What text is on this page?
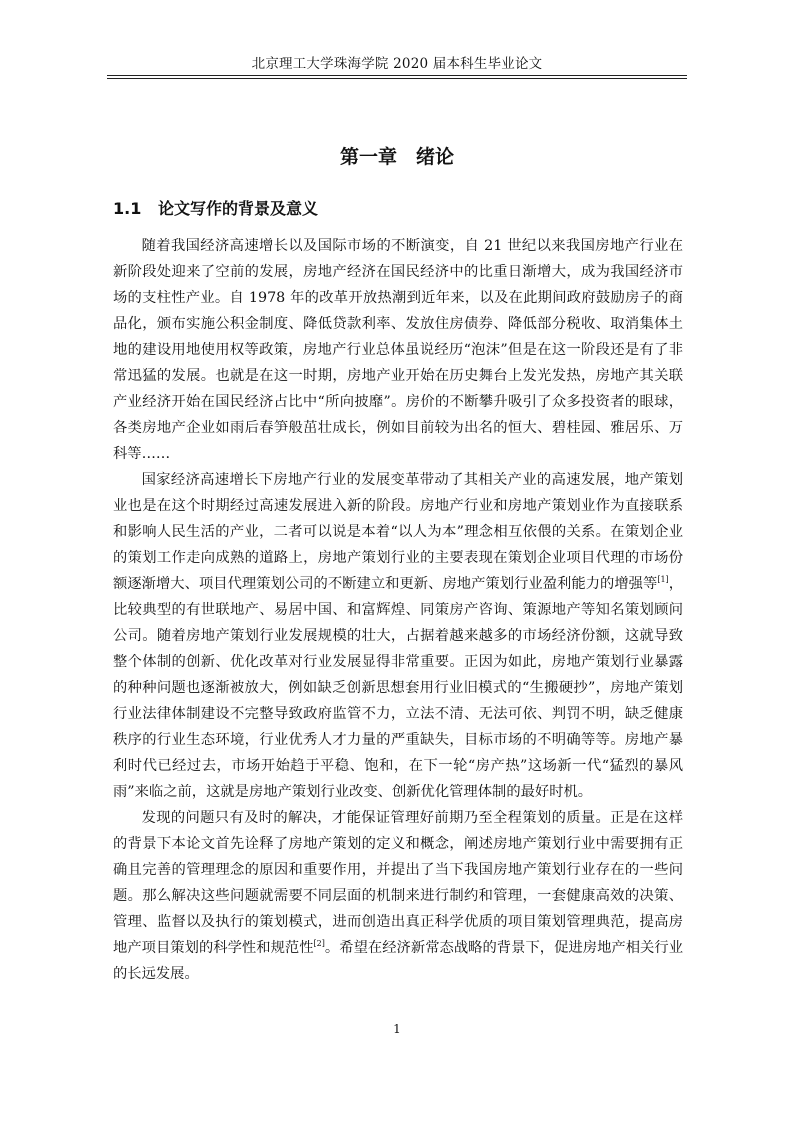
北京理工大学珠海学院 2020 届本科生毕业论文
第一章　绪论
1.1 论文写作的背景及意义

随着我国经济高速增长以及国际市场的不断演变，自 21 世纪以来我国房地产行业在新阶段处迎来了空前的发展，房地产经济在国民经济中的比重日渐增大，成为我国经济市场的支柱性产业。自 1978 年的改革开放热潮到近年来，以及在此期间政府鼓励房子的商品化，颁布实施公积金制度、降低贷款利率、发放住房债券、降低部分税收、取消集体土地的建设用地使用权等政策，房地产行业总体虽说经历“泡沫”但是在这一阶段还是有了非常迅猛的发展。也就是在这一时期，房地产业开始在历史舞台上发光发热，房地产其关联产业经济开始在国民经济占比中“所向披靡”。房价的不断攀升吸引了众多投资者的眼球，各类房地产企业如雨后春笋般茁壮成长，例如目前较为出名的恒大、碧桂园、雅居乐、万科等……

国家经济高速增长下房地产行业的发展变革带动了其相关产业的高速发展，地产策划业也是在这个时期经过高速发展进入新的阶段。房地产行业和房地产策划业作为直接联系和影响人民生活的产业，二者可以说是本着“以人为本”理念相互依偎的关系。在策划企业的策划工作走向成熟的道路上，房地产策划行业的主要表现在策划企业项目代理的市场份额逐渐增大、项目代理策划公司的不断建立和更新、房地产策划行业盈利能力的增强等[1]，比较典型的有世联地产、易居中国、和富辉煌、同策房产咨询、策源地产等知名策划顾问公司。随着房地产策划行业发展规模的壮大，占据着越来越多的市场经济份额，这就导致整个体制的创新、优化改革对行业发展显得非常重要。正因为如此，房地产策划行业暴露的种种问题也逐渐被放大，例如缺乏创新思想套用行业旧模式的“生搬硬抄”，房地产策划行业法律体制建设不完整导致政府监管不力，立法不清、无法可依、判罚不明，缺乏健康秩序的行业生态环境，行业优秀人才力量的严重缺失，目标市场的不明确等等。房地产暴利时代已经过去，市场开始趋于平稳、饱和，在下一轮“房产热”这场新一代“猛烈的暴风雨”来临之前，这就是房地产策划行业改变、创新优化管理体制的最好时机。

发现的问题只有及时的解决，才能保证管理好前期乃至全程策划的质量。正是在这样的背景下本论文首先诠释了房地产策划的定义和概念，阐述房地产策划行业中需要拥有正确且完善的管理理念的原因和重要作用，并提出了当下我国房地产策划行业存在的一些问题。那么解决这些问题就需要不同层面的机制来进行制约和管理，一套健康高效的决策、管理、监督以及执行的策划模式，进而创造出真正科学优质的项目策划管理典范，提高房地产项目策划的科学性和规范性[2]。希望在经济新常态战略的背景下，促进房地产相关行业的长远发展。

1
